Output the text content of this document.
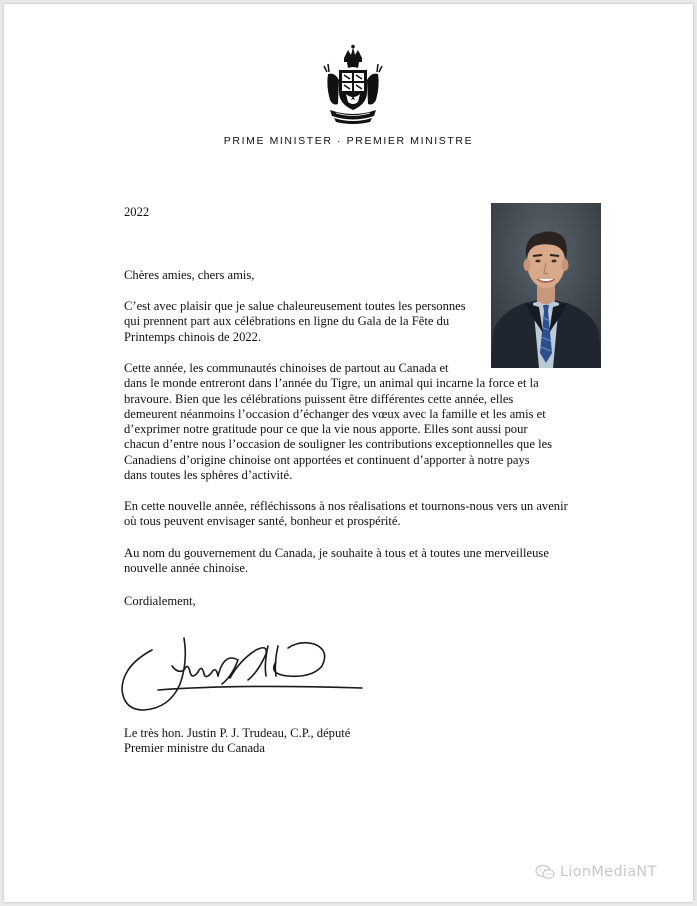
PRIME MINISTER · PREMIER MINISTRE
2022
Chères amies, chers amis,
C’est avec plaisir que je salue chaleureusement toutes les personnes qui prennent part aux célébrations en ligne du Gala de la Fête du Printemps chinois de 2022.
Cette année, les communautés chinoises de partout au Canada et
dans le monde entreront dans l’année du Tigre, un animal qui incarne la force et la
bravoure. Bien que les célébrations puissent être différentes cette année, elles
demeurent néanmoins l’occasion d’échanger des vœux avec la famille et les amis et
d’exprimer notre gratitude pour ce que la vie nous apporte. Elles sont aussi pour
chacun d’entre nous l’occasion de souligner les contributions exceptionnelles que les
Canadiens d’origine chinoise ont apportées et continuent d’apporter à notre pays
dans toutes les sphères d’activité.
En cette nouvelle année, réfléchissons à nos réalisations et tournons-nous vers un avenir où tous peuvent envisager santé, bonheur et prospérité.
Au nom du gouvernement du Canada, je souhaite à tous et à toutes une merveilleuse nouvelle année chinoise.
Cordialement,
Le très hon. Justin P. J. Trudeau, C.P., député
Premier ministre du Canada
LionMediaNT
